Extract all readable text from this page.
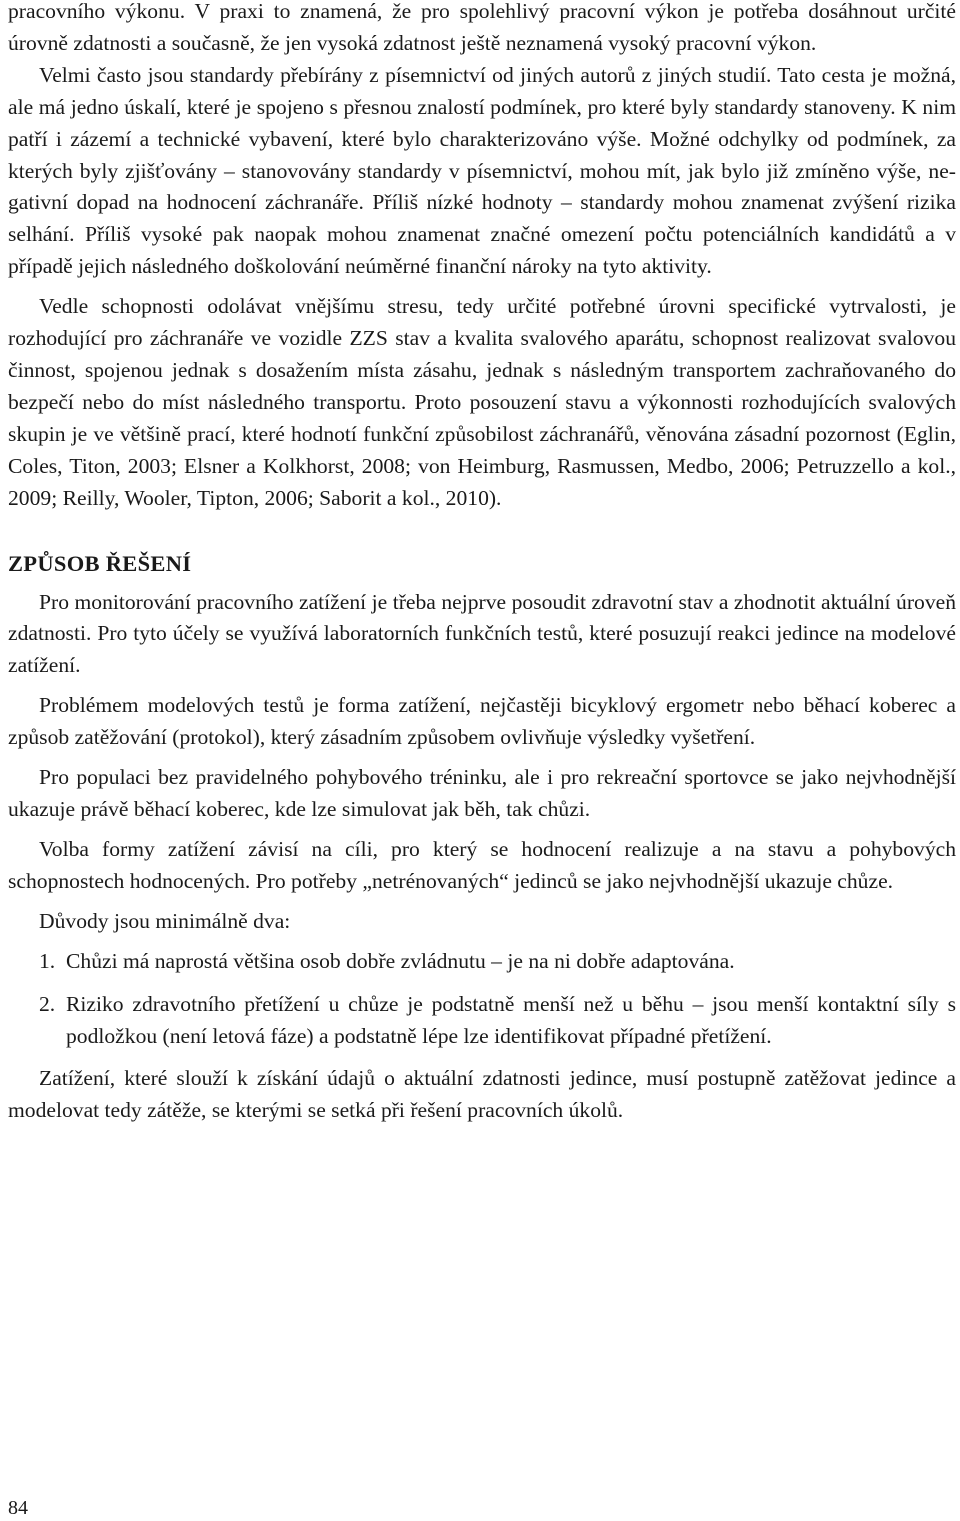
pracovního výkonu. V praxi to znamená, že pro spolehlivý pracovní výkon je potřeba dosáhnout určité úrovně zdatnosti a současně, že jen vysoká zdatnost ještě neznamená vysoký pracovní výkon.

Velmi často jsou standardy přebírány z písemnictví od jiných autorů z jiných studií. Tato cesta je možná, ale má jedno úskalí, které je spojeno s přesnou znalostí podmínek, pro které byly standardy stanoveny. K nim patří i zázemí a technické vybavení, které bylo charakterizováno výše. Možné odchylky od podmínek, za kterých byly zjišťovány – stanovovány standardy v písemnictví, mohou mít, jak bylo již zmíněno výše, negativní dopad na hodnocení záchranáře. Příliš nízké hodnoty – standardy mohou znamenat zvýšení rizika selhání. Příliš vysoké pak naopak mohou znamenat značné omezení počtu potenciálních kandidátů a v případě jejich následného doškolování neúměrné finanční nároky na tyto aktivity.

Vedle schopnosti odolávat vnějšímu stresu, tedy určité potřebné úrovni specifické vytrvalosti, je rozhodující pro záchranáře ve vozidle ZZS stav a kvalita svalového aparátu, schopnost realizovat svalovou činnost, spojenou jednak s dosažením místa zásahu, jednak s následným transportem zachraňovaného do bezpečí nebo do míst následného transportu. Proto posouzení stavu a výkonnosti rozhodujících svalových skupin je ve většině prací, které hodnotí funkční způsobilost záchranářů, věnována zásadní pozornost (Eglin, Coles, Titon, 2003; Elsner a Kolkhorst, 2008; von Heimburg, Rasmussen, Medbo, 2006; Petruzzello a kol., 2009; Reilly, Wooler, Tipton, 2006; Saborit a kol., 2010).

ZPŮSOB ŘEŠENÍ

Pro monitorování pracovního zatížení je třeba nejprve posoudit zdravotní stav a zhodnotit aktuální úroveň zdatnosti. Pro tyto účely se využívá laboratorních funkčních testů, které posuzují reakci jedince na modelové zatížení.

Problémem modelových testů je forma zatížení, nejčastěji bicyklový ergometr nebo běhací koberec a způsob zatěžování (protokol), který zásadním způsobem ovlivňuje výsledky vyšetření.

Pro populaci bez pravidelného pohybového tréninku, ale i pro rekreační sportovce se jako nejvhodnější ukazuje právě běhací koberec, kde lze simulovat jak běh, tak chůzi.

Volba formy zatížení závisí na cíli, pro který se hodnocení realizuje a na stavu a pohybových schopnostech hodnocených. Pro potřeby „netrénovaných“ jedinců se jako nejvhodnější ukazuje chůze.

Důvody jsou minimálně dva:

1. Chůzi má naprostá většina osob dobře zvládnutu – je na ni dobře adaptována.
2. Riziko zdravotního přetížení u chůze je podstatně menší než u běhu – jsou menší kontaktní síly s podložkou (není letová fáze) a podstatně lépe lze identifikovat případné přetížení.

Zatížení, které slouží k získání údajů o aktuální zdatnosti jedince, musí postupně zatěžovat jedince a modelovat tedy zátěže, se kterými se setká při řešení pracovních úkolů.

84
